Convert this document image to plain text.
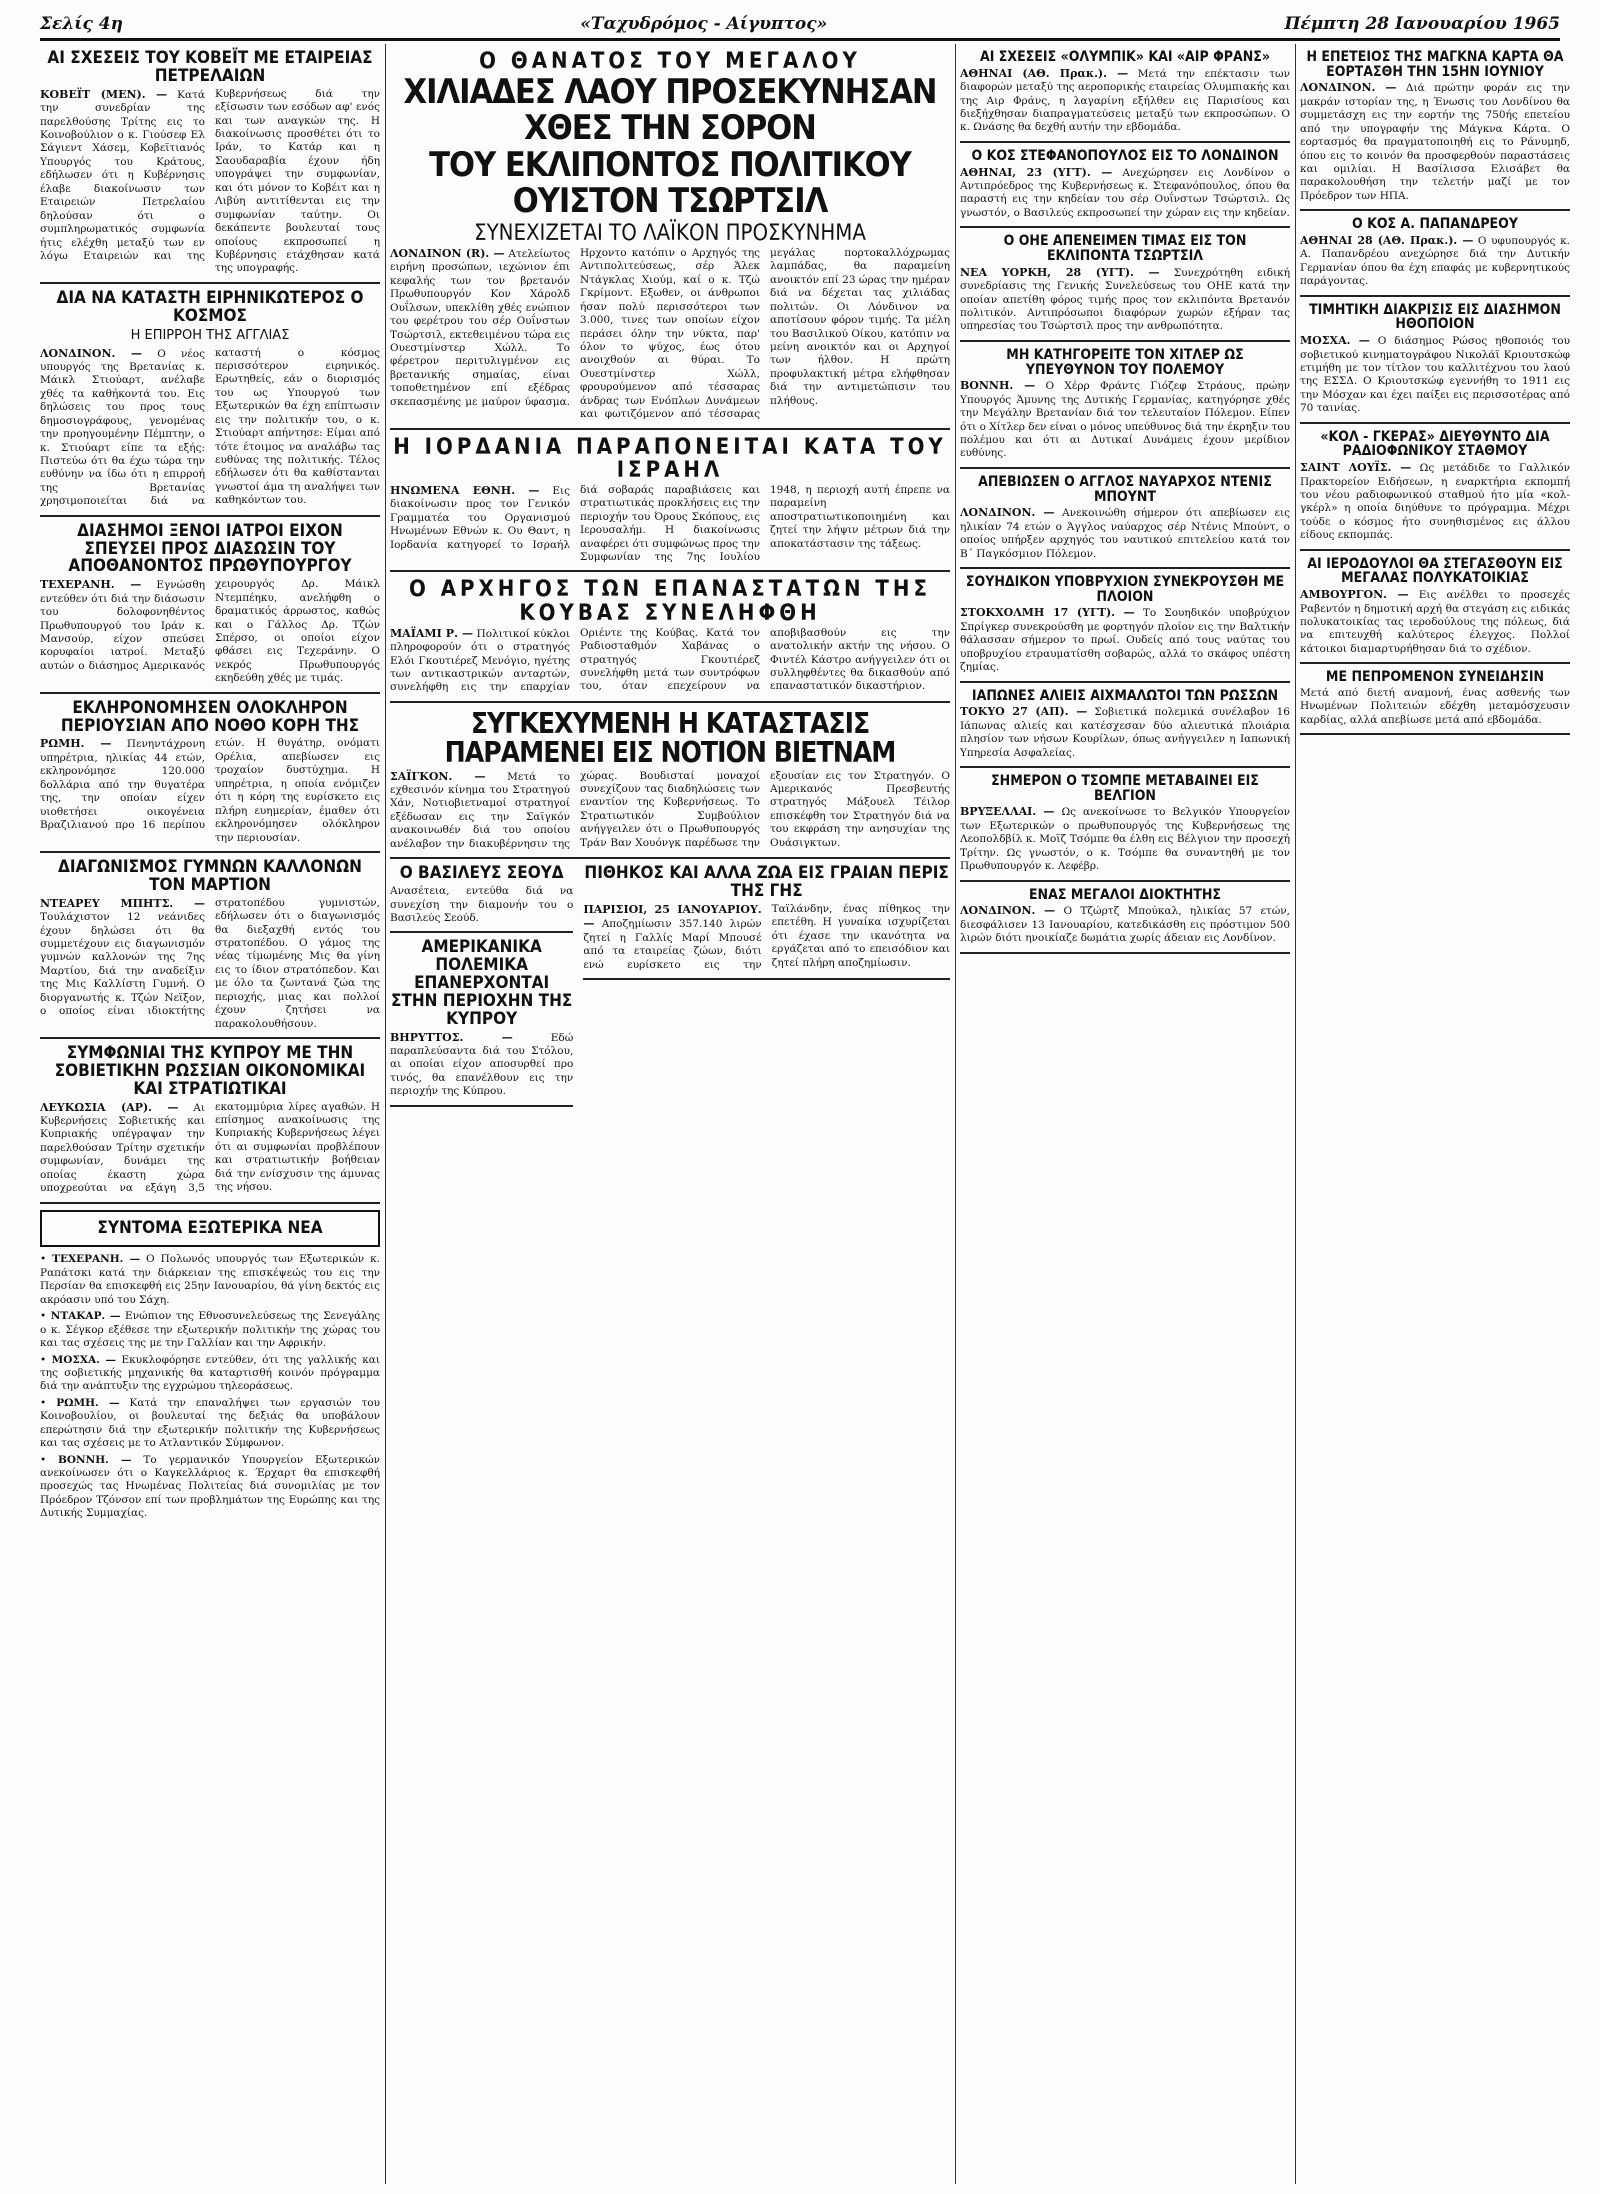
Σελίς 4η	«Ταχυδρόμος - Αίγυπτος»	Πέμπτη 28 Ιανουαρίου 1965
ΑΙ ΣΧΕΣΕΙΣ ΤΟΥ ΚΟΒΕΪΤ ΜΕ ΕΤΑΙΡΕΙΑΣ ΠΕΤΡΕΛΑΙΩΝ
ΚΟΒΕΪΤ (ΜΕΝ). — Κατά την συνεδρίαν της παρελθούσης Τρίτης εις το Κοινοβούλιον ο κ. Γιούσεφ Ελ Σάγιεντ Χάσεμ, Κοβεϊτιανός Υπουργός του Κράτους, εδήλωσεν ότι η Κυβέρνησις έλαβε διακοίνωσιν των Εταιρειών Πετρελαίου δηλούσαν ότι ο συμπληρωματικός συμφωνία ήτις ελέχθη μεταξύ των εν λόγω Εταιρειών και της Κυβερνήσεως διά την εξίσωσιν των εσόδων αφ' ενός και των αναγκών της. Η διακοίνωσις προσθέτει ότι το Ιράν, το Κατάρ και η Σαουδαραβία έχουν ήδη υπογράψει την συμφωνίαν, και ότι μόνον το Κοβέιτ και η Λιβύη αντιτίθενται εις την συμφωνίαν ταύτην. Οι δεκάπεντε βουλευταί τους οποίους εκπροσωπεί η Κυβέρνησις ετάχθησαν κατά της υπογραφής.
ΔΙΑ ΝΑ ΚΑΤΑΣΤΗ ΕΙΡΗΝΙΚΩΤΕΡΟΣ Ο ΚΟΣΜΟΣ
Η ΕΠΙΡΡΟΗ ΤΗΣ ΑΓΓΛΙΑΣ
ΛΟΝΔΙΝΟΝ. — Ο νέος υπουργός της Βρετανίας κ. Μάικλ Στιούαρτ, ανέλαβε χθές τα καθήκοντά του. Εις δηλώσεις του προς τους δημοσιογράφους, γενομένας την προηγουμένην Πέμπτην, ο κ. Στιούαρτ είπε τα εξής: Πιστεύω ότι θα έχω τώρα την ευθύνην να ίδω ότι η επιρροή της Βρετανίας χρησιμοποιείται διά να καταστή ο κόσμος περισσότερον ειρηνικός. Ερωτηθείς, εάν ο διορισμός του ως Υπουργού των Εξωτερικών θα έχη επίπτωσιν εις την πολιτικήν του, ο κ. Στιούαρτ απήντησε: Είμαι από τότε έτοιμος να αναλάβω τας ευθύνας της πολιτικής. Τέλος εδήλωσεν ότι θα καθίστανται γνωστοί άμα τη αναλήψει των καθηκόντων του.
ΔΙΑΣΗΜΟΙ ΞΕΝΟΙ ΙΑΤΡΟΙ ΕΙΧΟΝ ΣΠΕΥΣΕΙ ΠΡΟΣ ΔΙΑΣΩΣΙΝ ΤΟΥ ΑΠΟΘΑΝΟΝΤΟΣ ΠΡΩΘΥΠΟΥΡΓΟΥ
ΤΕΧΕΡΑΝΗ. — Εγνώσθη εντεύθεν ότι διά την διάσωσιν του δολοφονηθέντος Πρωθυπουργού του Ιράν κ. Μανσούρ, είχον σπεύσει κορυφαίοι ιατροί. Μεταξύ αυτών ο διάσημος Αμερικανός χειρουργός Δρ. Μάικλ Ντεμπέηκυ, ανελήφθη ο δραματικός άρρωστος, καθώς και ο Γάλλος Δρ. Τζών Σπέρσο, οι οποίοι είχον φθάσει εις Τεχεράνην. Ο νεκρός Πρωθυπουργός εκηδεύθη χθές με τιμάς.
ΕΚΛΗΡΟΝΟΜΗΣΕΝ ΟΛΟΚΛΗΡΟΝ ΠΕΡΙΟΥΣΙΑΝ ΑΠΟ ΝΟΘΟ ΚΟΡΗ ΤΗΣ
ΡΩΜΗ. — Πενηντάχρονη υπηρέτρια, ηλικίας 44 ετών, εκληρονόμησε 120.000 δολλάρια από την θυγατέρα της, την οποίαν είχεν υιοθετήσει οικογένεια Βραζιλιανού προ 16 περίπου ετών. Η θυγάτηρ, ονόματι Ορέλια, απεβίωσεν εις τροχαίον δυστύχημα. Η υπηρέτρια, η οποία ενόμιζεν ότι η κόρη της ευρίσκετο εις πλήρη ευημερίαν, έμαθεν ότι εκληρονόμησεν ολόκληρον την περιουσίαν.
ΔΙΑΓΩΝΙΣΜΟΣ ΓΥΜΝΩΝ ΚΑΛΛΟΝΩΝ ΤΟΝ ΜΑΡΤΙΟΝ
ΝΤΕΑΡΕΥ ΜΠΗΤΣ. — Τουλάχιστον 12 νεάνιδες έχουν δηλώσει ότι θα συμμετέχουν εις διαγωνισμόν γυμνών καλλονών της 7ης Μαρτίου, διά την αναδείξιν της Μις Καλλίστη Γυμνή. Ο διοργανωτής κ. Τζών Νεϊξον, ο οποίος είναι ιδιοκτήτης στρατοπέδου γυμνιστών, εδήλωσεν ότι ο διαγωνισμός θα διεξαχθή εντός του στρατοπέδου. Ο γάμος της νέας τίμωμένης Μις θα γίνη εις το ίδιον στρατόπεδον. Και με όλο τα ζωντανά ζώα της περιοχής, μιας και πολλοί έχουν ζητήσει να παρακολουθήσουν.
ΣΥΜΦΩΝΙΑΙ ΤΗΣ ΚΥΠΡΟΥ ΜΕ ΤΗΝ ΣΟΒΙΕΤΙΚΗΝ ΡΩΣΣΙΑΝ ΟΙΚΟΝΟΜΙΚΑΙ ΚΑΙ ΣΤΡΑΤΙΩΤΙΚΑΙ
ΛΕΥΚΩΣΙΑ (ΑΡ). — Αι Κυβερνήσεις Σοβιετικής και Κυπριακής υπέγραψαν την παρελθούσαν Τρίτην σχετικήν συμφωνίαν, δυνάμει της οποίας έκαστη χώρα υποχρεούται να εξάγη 3,5 εκατομμύρια λίρες αγαθών. Η επίσημος ανακοίνωσις της Κυπριακής Κυβερνήσεως λέγει ότι αι συμφωνίαι προβλέπουν και στρατιωτικήν βοήθειαν διά την ενίσχυσιν της άμυνας της νήσου.
ΣΥΝΤΟΜΑ ΕΞΩΤΕΡΙΚΑ ΝΕΑ
• ΤΕΧΕΡΑΝΗ. — Ο Πολωνός υπουργός των Εξωτερικών κ. Ραπάτσκι κατά την διάρκειαν της επισκέψεώς του εις την Περσίαν θα επισκεφθή εις 25ην Ιανουαρίου, θά γίνη δεκτός εις ακρόασιν υπό του Σάχη.
• ΝΤΑΚΑΡ. — Ενώπιον της Εθνοσυνελεύσεως της Σενεγάλης ο κ. Σέγκορ εξέθεσε την εξωτερικήν πολιτικήν της χώρας του και τας σχέσεις της με την Γαλλίαν και την Αφρικήν.
• ΜΟΣΧΑ. — Εκυκλοφόρησε εντεύθεν, ότι της γαλλικής και της σοβιετικής μηχανικής θα καταρτισθή κοινόν πρόγραμμα διά την ανάπτυξιν της εγχρώμου τηλεοράσεως.
• ΡΩΜΗ. — Κατά την επαναλήψει των εργασιών του Κοινοβουλίου, οι βουλευταί της δεξιάς θα υποβάλουν επερώτησιν διά την εξωτερικήν πολιτικήν της Κυβερνήσεως και τας σχέσεις με το Ατλαντικόν Σύμφωνον.
• ΒΟΝΝΗ. — Το γερμανικόν Υπουργείον Εξωτερικών ανεκοίνωσεν ότι ο Καγκελλάριος κ. Έρχαρτ θα επισκεφθή προσεχώς τας Ηνωμένας Πολιτείας διά συνομιλίας με τον Πρόεδρον Τζόνσον επί των προβλημάτων της Ευρώπης και της Δυτικής Συμμαχίας.
Ο ΘΑΝΑΤΟΣ ΤΟΥ ΜΕΓΑΛΟΥ
ΧΙΛΙΑΔΕΣ ΛΑΟΥ ΠΡΟΣΕΚΥΝΗΣΑΝ ΧΘΕΣ ΤΗΝ ΣΟΡΟΝ
ΤΟΥ ΕΚΛΙΠΟΝΤΟΣ ΠΟΛΙΤΙΚΟΥ ΟΥΙΣΤΟΝ ΤΣΩΡΤΣΙΛ
ΣΥΝΕΧΙΖΕΤΑΙ ΤΟ ΛΑΪΚΟΝ ΠΡΟΣΚΥΝΗΜΑ
ΛΟΝΔΙΝΟΝ (R). — Ατελείωτος ειρήνη προσώπων, ιεχώνιον έπι κεφαλής των τον βρετανόν Πρωθυπουργόν Κον Χάρολδ Ουΐλσων, υπεκλίθη χθές ενώπιον του φερέτρου του σέρ Ουΐνστων Τσώρτσιλ, εκτεθειμένου τώρα εις Ουεστμίνστερ Χώλλ. Το φέρετρον περιτυλιγμένον εις βρετανικής σημαίας, είναι τοποθετημένον επί εξέδρας σκεπασμένης με μαύρον ύφασμα. Ηρχοντο κατόπιν ο Αρχηγός της Αντιπολιτεύσεως, σέρ Άλεκ Ντάγκλας Χιούμ, καί ο κ. Τζώ Γκρίμοντ. Εξωθεν, οι άνθρωποι ήσαν πολύ περισσότεροι των 3.000, τινες των οποίων είχον περάσει όλην την νύκτα, παρ' όλον το ψύχος, έως ότου ανοιχθούν αι θύραι. Το Ουεστμίνστερ Χώλλ, φρουρούμενον από τέσσαρας άνδρας των Ενόπλων Δυνάμεων και φωτιζόμενον από τέσσαρας μεγάλας πορτοκαλλόχρωμας λαμπάδας, θα παραμείνη ανοικτόν επί 23 ώρας την ημέραν διά να δέχεται τας χιλιάδας πολιτών. Οι Λόνδινον να αποτίσουν φόρον τιμής. Τα μέλη του Βασιλικού Οίκου, κατόπιν να μείνη ανοικτόν και οι Αρχηγοί των ήλθον. Η πρώτη προφυλακτική μέτρα ελήφθησαν διά την αντιμετώπισιν του πλήθους.
Η ΙΟΡΔΑΝΙΑ ΠΑΡΑΠΟΝΕΙΤΑΙ ΚΑΤΑ ΤΟΥ ΙΣΡΑΗΛ
ΗΝΩΜΕΝΑ ΕΘΝΗ. — Εις διακοίνωσιν προς τον Γενικόν Γραμματέα του Οργανισμού Ηνωμένων Εθνών κ. Ου Θαντ, η Ιορδανία κατηγορεί το Ισραήλ διά σοβαράς παραβιάσεις και στρατιωτικάς προκλήσεις εις την περιοχήν του Όρους Σκόπους, εις Ιερουσαλήμ. Η διακοίνωσις αναφέρει ότι συμφώνως προς την Συμφωνίαν της 7ης Ιουλίου 1948, η περιοχή αυτή έπρεπε να παραμείνη αποστρατιωτικοποιημένη και ζητεί την λήψιν μέτρων διά την αποκατάστασιν της τάξεως.
Ο ΑΡΧΗΓΟΣ ΤΩΝ ΕΠΑΝΑΣΤΑΤΩΝ ΤΗΣ ΚΟΥΒΑΣ ΣΥΝΕΛΗΦΘΗ
ΜΑΪΑΜΙ Ρ. — Πολιτικοί κύκλοι πληροφορούν ότι ο στρατηγός Ελόι Γκουτιέρεζ Μενόγιο, ηγέτης των αντικαστρικών ανταρτών, συνελήφθη εις την επαρχίαν Οριέντε της Κούβας. Κατά τον Ραδιοσταθμόν Χαβάνας ο στρατηγός Γκουτιέρεζ συνελήφθη μετά των συντρόφων του, όταν επεχείρουν να αποβιβασθούν εις την ανατολικήν ακτήν της νήσου. Ο Φιντέλ Κάστρο ανήγγειλεν ότι οι συλληφθέντες θα δικασθούν από επαναστατικόν δικαστήριον.
ΣΥΓΚΕΧΥΜΕΝΗ Η ΚΑΤΑΣΤΑΣΙΣ ΠΑΡΑΜΕΝΕΙ ΕΙΣ ΝΟΤΙΟΝ ΒΙΕΤΝΑΜ
ΣΑΪΓΚΟΝ. — Μετά το εχθεσινόν κίνημα του Στρατηγού Χάν, Νοτιοβιετναμοί στρατηγοί εξέδωσαν εις την Σαϊγκόν ανακοινωθέν διά του οποίου ανέλαβον την διακυβέρνησιν της χώρας. Βουδισταί μοναχοί συνεχίζουν τας διαδηλώσεις των εναντίον της Κυβερνήσεως. Το Στρατιωτικόν Συμβούλιον ανήγγειλεν ότι ο Πρωθυπουργός Τράν Βαν Χουόνγκ παρέδωσε την εξουσίαν εις τον Στρατηγόν. Ο Αμερικανός Πρεσβευτής στρατηγός Μάξουελ Τέιλορ επισκέφθη τον Στρατηγόν διά να του εκφράση την ανησυχίαν της Ουάσιγκτων.
Ο ΒΑΣΙΛΕΥΣ ΣΕΟΥΔ
Ανασέτεια, εντεύθα διά να συνεχίση την διαμονήν του ο Βασιλεύς Σεούδ.
ΑΜΕΡΙΚΑΝΙΚΑ ΠΟΛΕΜΙΚΑ ΕΠΑΝΕΡΧΟΝΤΑΙ ΣΤΗΝ ΠΕΡΙΟΧΗΝ ΤΗΣ ΚΥΠΡΟΥ
ΒΗΡΥΤΤΟΣ. —	Εδώ παραπλεύσαντα διά του Στόλου, αι οποίαι είχον αποσυρθεί προ τινός, θα επανέλθουν εις την περιοχήν της Κύπρου.
ΠΙΘΗΚΟΣ ΚΑΙ ΑΛΛΑ ΖΩΑ ΕΙΣ ΓΡΑΙΑΝ ΠΕΡΙΣ ΤΗΣ ΓΗΣ
ΠΑΡΙΣΙΟΙ, 25 ΙΑΝΟΥΑΡΙΟΥ. — Αποζημίωσιν 357.140 λιρών ζητεί η Γαλλίς Μαρί Μπουσέ από τα εταιρείας ζώων, διότι ενώ ευρίσκετο εις την Ταϊλάνδην, ένας πίθηκος την επετέθη. Η γυναίκα ισχυρίζεται ότι έχασε την ικανότητα να εργάζεται από το επεισόδιον και ζητεί πλήρη αποζημίωσιν.
ΑΙ ΣΧΕΣΕΙΣ «ΟΛΥΜΠΙΚ» ΚΑΙ «ΑΙΡ ΦΡΑΝΣ»
ΑΘΗΝΑΙ (ΑΘ. Πρακ.). — Μετά την επέκτασιν των διαφορών μεταξύ της αεροπορικής εταιρείας Ολυμπιακής και της Αιρ Φράνς, η λαγαρίνη εξήλθεν εις Παρισίους και διεξήχθησαν διαπραγματεύσεις μεταξύ των εκπροσώπων. Ο κ. Ωνάσης θα δεχθή αυτήν την εβδομάδα.
Ο ΚΟΣ ΣΤΕΦΑΝΟΠΟΥΛΟΣ ΕΙΣ ΤΟ ΛΟΝΔΙΝΟΝ
ΑΘΗΝΑΙ, 23 (ΥΓΤ). — Ανεχώρησεν εις Λονδίνον ο Αντιπρόεδρος της Κυβερνήσεως κ. Στεφανόπουλος, όπου θα παραστή εις την κηδείαν του σέρ Ουΐνστων Τσώρτσιλ. Ως γνωστόν, ο Βασιλεύς εκπροσωπεί την χώραν εις την κηδείαν.
Ο ΟΗΕ ΑΠΕΝΕΙΜΕΝ ΤΙΜΑΣ ΕΙΣ ΤΟΝ ΕΚΛΙΠΟΝΤΑ ΤΣΩΡΤΣΙΛ
ΝΕΑ ΥΟΡΚΗ, 28 (ΥΓΤ). — Συνεχρότηθη ειδική συνεδρίασις της Γενικής Συνελεύσεως του ΟΗΕ κατά την οποίαν απετίθη φόρος τιμής προς τον εκλιπόντα Βρετανόν πολιτικόν. Αντιπρόσωποι διαφόρων χωρών εξήραν τας υπηρεσίας του Τσώρτσιλ προς την ανθρωπότητα.
ΜΗ ΚΑΤΗΓΟΡΕΙΤΕ ΤΟΝ ΧΙΤΛΕΡ ΩΣ ΥΠΕΥΘΥΝΟΝ ΤΟΥ ΠΟΛΕΜΟΥ
ΒΟΝΝΗ. — Ο Χέρρ Φράντς Γιόζεφ Στράους, πρώην Υπουργός Άμυνης της Δυτικής Γερμανίας, κατηγόρησε χθές την Μεγάλην Βρετανίαν διά τον τελευταίον Πόλεμον. Είπεν ότι ο Χίτλερ δεν είναι ο μόνος υπεύθυνος διά την έκρηξιν του πολέμου και ότι αι Δυτικαί Δυνάμεις έχουν μερίδιον ευθύνης.
ΑΠΕΒΙΩΣΕΝ Ο ΑΓΓΛΟΣ ΝΑΥΑΡΧΟΣ ΝΤΕΝΙΣ ΜΠΟΥΝΤ
ΛΟΝΔΙΝΟΝ. — Ανεκοινώθη σήμερον ότι απεβίωσεν εις ηλικίαν 74 ετών ο Άγγλος ναύαρχος σέρ Ντένις Μπούντ, ο οποίος υπήρξεν αρχηγός του ναυτικού επιτελείου κατά τον Β΄ Παγκόσμιον Πόλεμον.
ΣΟΥΗΔΙΚΟΝ ΥΠΟΒΡΥΧΙΟΝ ΣΥΝΕΚΡΟΥΣΘΗ ΜΕ ΠΛΟΙΟΝ
ΣΤΟΚΧΟΛΜΗ 17 (ΥΓΤ). — Το Σουηδικόν υποβρύχιον Σπρίγκερ συνεκρούσθη με φορτηγόν πλοίον εις την Βαλτικήν θάλασσαν σήμερον το πρωί. Ουδείς από τους ναύτας του υποβρυχίου ετραυματίσθη σοβαρώς, αλλά το σκάφος υπέστη ζημίας.
ΙΑΠΩΝΕΣ ΑΛΙΕΙΣ ΑΙΧΜΑΛΩΤΟΙ ΤΩΝ ΡΩΣΣΩΝ
ΤΟΚΥΟ 27 (ΑΠ). — Σοβιετικά πολεμικά συνέλαβον 16 Ιάπωνας αλιείς και κατέσχεσαν δύο αλιευτικά πλοιάρια πλησίον των νήσων Κουρίλων, όπως ανήγγειλεν η Ιαπωνική Υπηρεσία Ασφαλείας.
ΣΗΜΕΡΟΝ Ο ΤΣΟΜΠΕ ΜΕΤΑΒΑΙΝΕΙ ΕΙΣ ΒΕΛΓΙΟΝ
ΒΡΥΞΕΛΛΑΙ. — Ως ανεκοίνωσε το Βελγικόν Υπουργείον των Εξωτερικών ο πρωθυπουργός της Κυβερνήσεως της Λεοπολδβίλ κ. Μοϊζ Τσόμπε θα έλθη εις Βέλγιον την προσεχή Τρίτην. Ως γνωστόν, ο κ. Τσόμπε θα συναντηθή με τον Πρωθυπουργόν κ. Λεφέβρ.
ΕΝΑΣ ΜΕΓΑΛΟΙ ΔΙΟΚΤΗΤΗΣ
ΛΟΝΔΙΝΟΝ. — Ο Τζώρτζ Μπούκαλ, ηλικίας 57 ετών, διεσφάλισεν 13 Ιανουαρίου, κατεδικάσθη εις πρόστιμον 500 λιρών διότι ηνοικίαζε δωμάτια χωρίς άδειαν εις Λονδίνον.
Η ΕΠΕΤΕΙΟΣ ΤΗΣ ΜΑΓΚΝΑ ΚΑΡΤΑ ΘΑ ΕΟΡΤΑΣΘΗ ΤΗΝ 15ΗΝ ΙΟΥΝΙΟΥ
ΛΟΝΔΙΝΟΝ. — Διά πρώτην φοράν εις την μακράν ιστορίαν της, η Ένωσις του Λονδίνου θα συμμετάσχη εις την εορτήν της 750ής επετείου από την υπογραφήν της Μάγκνα Κάρτα. Ο εορτασμός θα πραγματοποιηθή εις το Ράνυμηδ, όπου εις το κοινόν θα προσφερθούν παραστάσεις και ομιλίαι. Η Βασίλισσα Ελισάβετ θα παρακολουθήση την τελετήν μαζί με τον Πρόεδρον των ΗΠΑ.
Ο ΚΟΣ Α. ΠΑΠΑΝΔΡΕΟΥ
ΑΘΗΝΑΙ 28 (ΑΘ. Πρακ.). — Ο υφυπουργός κ. Α. Παπανδρέου ανεχώρησε διά την Δυτικήν Γερμανίαν όπου θα έχη επαφάς με κυβερνητικούς παράγοντας.
ΤΙΜΗΤΙΚΗ ΔΙΑΚΡΙΣΙΣ ΕΙΣ ΔΙΑΣΗΜΟΝ ΗΘΟΠΟΙΟΝ
ΜΟΣΧΑ. — Ο διάσημος Ρώσος ηθοποιός του σοβιετικού κινηματογράφου Νικολάϊ Κριουτσκώφ ετιμήθη με τον τίτλον του καλλιτέχνου του λαού της ΕΣΣΔ. Ο Κριουτσκώφ εγεννήθη το 1911 εις την Μόσχαν και έχει παίξει εις περισσοτέρας από 70 ταινίας.
«ΚΟΛ - ΓΚΕΡΑΣ» ΔΙΕΥΘΥΝΤΟ ΔΙΑ ΡΑΔΙΟΦΩΝΙΚΟΥ ΣΤΑΘΜΟΥ
ΣΑΙΝΤ ΛΟΥΪΣ. — Ως μετάδιδε το Γαλλικόν Πρακτορείον Ειδήσεων, η εναρκτήρια εκπομπή του νέου ραδιοφωνικού σταθμού ήτο μία «κολ-γκέρλ» η οποία διηύθυνε το πρόγραμμα. Μέχρι τούδε ο κόσμος ήτο συνηθισμένος εις άλλου είδους εκπομπάς.
ΑΙ ΙΕΡΟΔΟΥΛΟΙ ΘΑ ΣΤΕΓΑΣΘΟΥΝ ΕΙΣ ΜΕΓΑΛΑΣ ΠΟΛΥΚΑΤΟΙΚΙΑΣ
ΑΜΒΟΥΡΓΟΝ. — Εις ανέλθει το προσεχές Ραβεντόν η δημοτική αρχή θα στεγάση εις ειδικάς πολυκατοικίας τας ιεροδούλους της πόλεως, διά να επιτευχθή καλύτερος έλεγχος. Πολλοί κάτοικοι διαμαρτυρήθησαν διά το σχέδιον.
ΜΕ ΠΕΠΡΟΜΕΝΟΝ ΣΥΝΕΙΔΗΣΙΝ
Μετά από διετή αναμονή, ένας ασθενής των Ηνωμένων Πολιτειών εδέχθη μεταμόσχευσιν καρδίας, αλλά απεβίωσε μετά από εβδομάδα.
